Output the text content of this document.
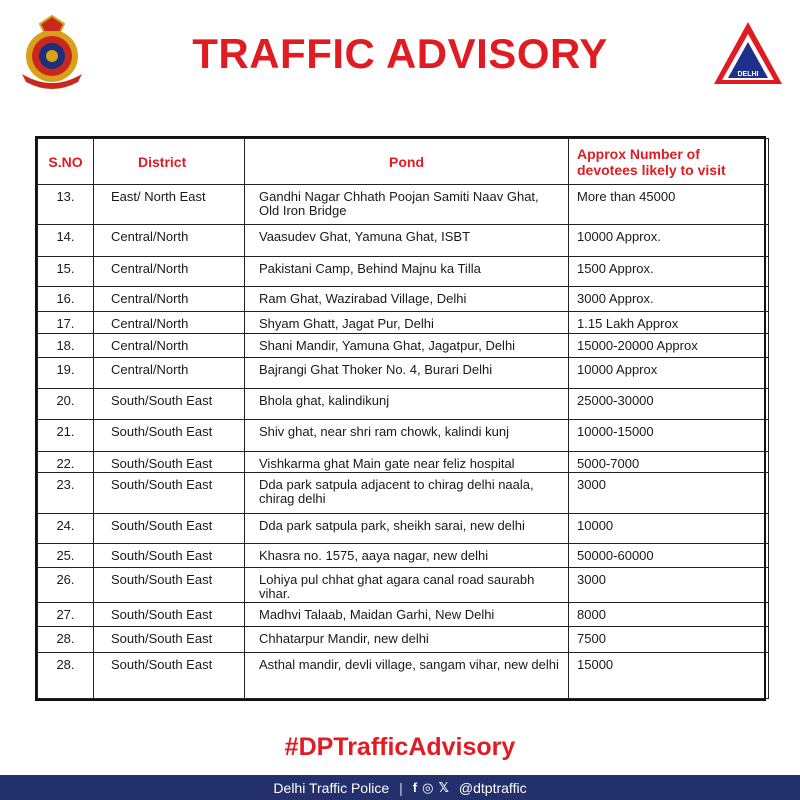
TRAFFIC ADVISORY	DELHI
S.NO	District	Pond	Approx Number of devotees likely to visit

13.	East/ North East	Gandhi Nagar Chhath Poojan Samiti Naav Ghat, Old Iron Bridge	More than 45000

14.	Central/North	Vaasudev Ghat, Yamuna Ghat, ISBT	10000 Approx.

15.	Central/North	Pakistani Camp, Behind Majnu ka Tilla	1500 Approx.

16.	Central/North	Ram Ghat, Wazirabad Village, Delhi	3000 Approx.

17.	Central/North	Shyam Ghatt, Jagat Pur, Delhi	1.15 Lakh Approx

18.	Central/North	Shani Mandir, Yamuna Ghat, Jagatpur, Delhi	15000-20000 Approx

19.	Central/North	Bajrangi Ghat Thoker No. 4, Burari Delhi	10000 Approx

20.	South/South East	Bhola ghat, kalindikunj	25000-30000

21.	South/South East	Shiv ghat, near shri ram chowk, kalindi kunj	10000-15000

22.	South/South East	Vishkarma ghat Main gate near feliz hospital	5000-7000

23.	South/South East	Dda park satpula adjacent to chirag delhi naala, chirag delhi	3000

24.	South/South East	Dda park satpula park, sheikh sarai, new delhi	10000

25.	South/South East	Khasra no. 1575, aaya nagar, new delhi	50000-60000

26.	South/South East	Lohiya pul chhat ghat agara canal road saurabh vihar.	3000

27.	South/South East	Madhvi Talaab, Maidan Garhi, New Delhi	8000

28.	South/South East	Chhatarpur Mandir, new delhi	7500

28.	South/South East	Asthal mandir, devli village, sangam vihar, new delhi	15000
#DPTrafficAdvisory
Delhi Traffic Police | f ◎ 𝕏 @dtptraffic
